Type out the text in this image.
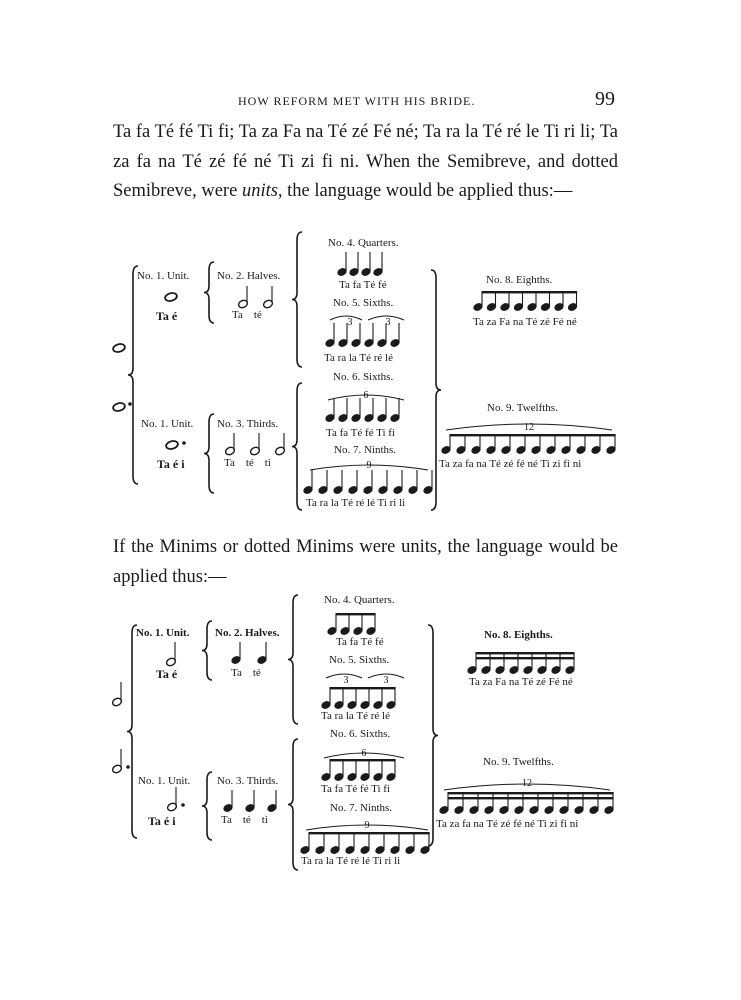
HOW REFORM MET WITH HIS BRIDE.	99

Ta fa Té fé Ti fi; Ta za Fa na Té zé Fé né; Ta ra la Té ré le Ti ri li; Ta za fa na Té zé fé né Ti zi fi ni. When the Semibreve, and dotted Semibreve, were units, the language would be applied thus:—

If the Minims or dotted Minims were units, the language would be applied thus:—

No. 1. Unit.
Ta é
No. 2. Halves.
Ta    té
No. 4. Quarters.
Ta fa Té fé
No. 5. Sixths.
Ta ra la Té ré lé
No. 8. Eighths.
Ta za Fa na Té zé Fé né
No. 1. Unit.
Ta é i
No. 3. Thirds.
Ta    té    ti
No. 6. Sixths.
Ta fa Té fé Ti fi
No. 7. Ninths.
Ta ra la Té ré lé Ti ri li
No. 9. Twelfths.
Ta za fa na Té zé fé né Ti zi fi ni
3	3
6
9
12
No. 1. Unit.
Ta é
No. 2. Halves.
Ta    té
No. 4. Quarters.
Ta fa Té fé
No. 5. Sixths.
Ta ra la Té ré lé
No. 8. Eighths.
Ta za Fa na Té zé Fé né
No. 1. Unit.
Ta é i
No. 3. Thirds.
Ta    té    ti
No. 6. Sixths.
Ta fa Té fé Ti fi
No. 7. Ninths.
Ta ra la Té ré lé Ti ri li
No. 9. Twelfths.
Ta za fa na Té zé fé né Ti zi fi ni
3	3
6
9
12
